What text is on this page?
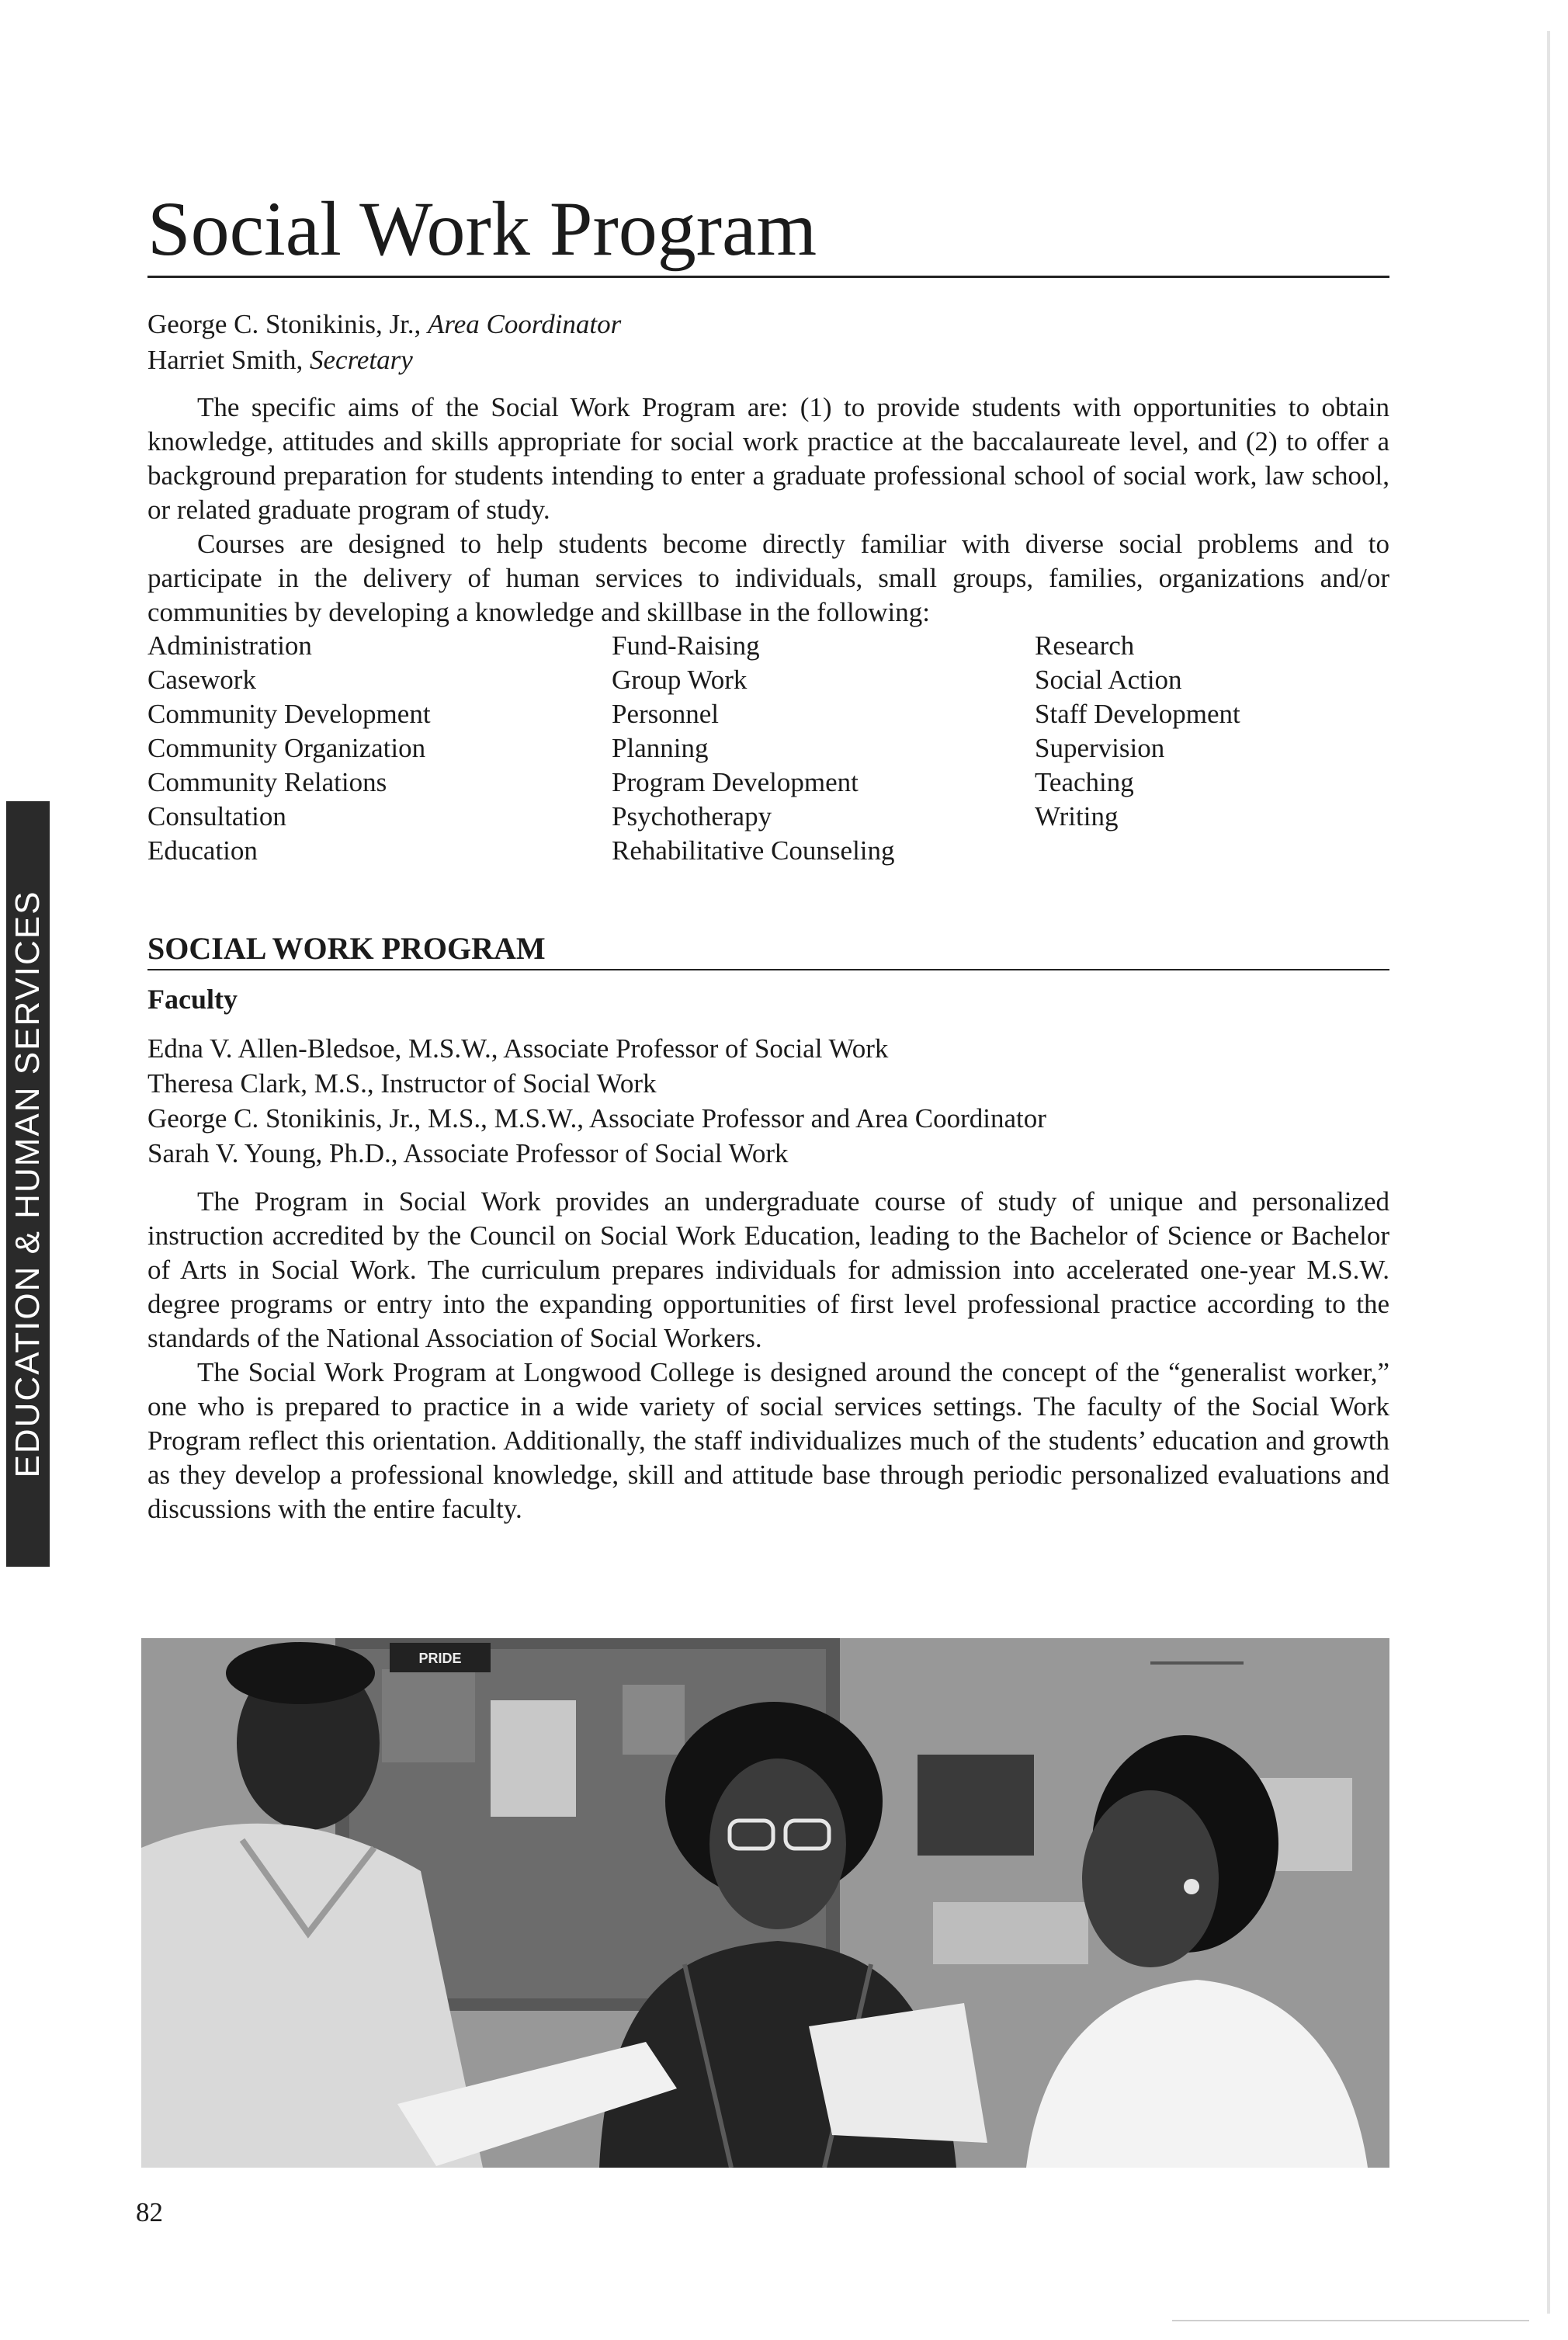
EDUCATION & HUMAN SERVICES
Social Work Program
George C. Stonikinis, Jr., Area Coordinator
Harriet Smith, Secretary

The specific aims of the Social Work Program are: (1) to provide students with opportunities to obtain knowledge, attitudes and skills appropriate for social work practice at the baccalaureate level, and (2) to offer a background preparation for students intending to enter a graduate professional school of social work, law school, or related graduate program of study.

Courses are designed to help students become directly familiar with diverse social problems and to participate in the delivery of human services to individuals, small groups, families, organizations and/or communities by developing a knowledge and skillbase in the following:

Administration
Casework
Community Development
Community Organization
Community Relations
Consultation
Education
Fund-Raising
Group Work
Personnel
Planning
Program Development
Psychotherapy
Rehabilitative Counseling
Research
Social Action
Staff Development
Supervision
Teaching
Writing
SOCIAL WORK PROGRAM
Faculty
Edna V. Allen-Bledsoe, M.S.W., Associate Professor of Social Work
Theresa Clark, M.S., Instructor of Social Work
George C. Stonikinis, Jr., M.S., M.S.W., Associate Professor and Area Coordinator
Sarah V. Young, Ph.D., Associate Professor of Social Work

The Program in Social Work provides an undergraduate course of study of unique and personalized instruction accredited by the Council on Social Work Education, leading to the Bachelor of Science or Bachelor of Arts in Social Work. The curriculum prepares individuals for admission into accelerated one-year M.S.W. degree programs or entry into the expanding opportunities of first level professional practice according to the standards of the National Association of Social Workers.

The Social Work Program at Longwood College is designed around the concept of the “generalist worker,” one who is prepared to practice in a wide variety of social services settings. The faculty of the Social Work Program reflect this orientation. Additionally, the staff individualizes much of the students’ education and growth as they develop a professional knowledge, skill and attitude base through periodic personalized evaluations and discussions with the entire faculty.

PRIDE
82
